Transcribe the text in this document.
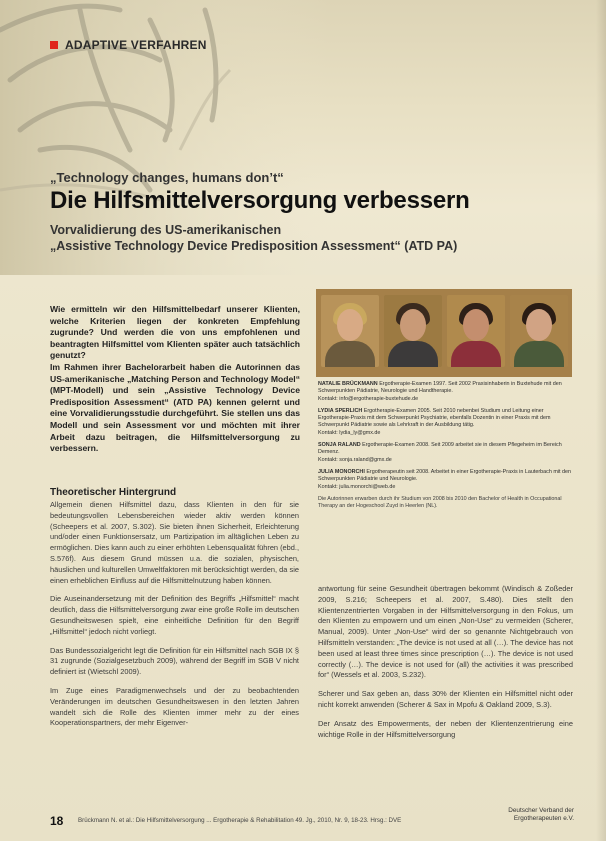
ADAPTIVE VERFAHREN
„Technology changes, humans don’t“
Die Hilfsmittelversorgung verbessern
Vorvalidierung des US-amerikanischen
„Assistive Technology Device Predisposition Assessment“ (ATD PA)

Wie ermitteln wir den Hilfsmittelbedarf unserer Klienten, welche Kriterien liegen der konkreten Empfehlung zugrunde? Und werden die von uns empfohlenen und beantragten Hilfsmittel vom Klienten später auch tatsächlich genutzt?

Im Rahmen ihrer Bachelorarbeit haben die Autorinnen das US-amerikanische „Matching Person and Technology Model“ (MPT-Modell) und sein „Assistive Technology Device Predisposition Assessment“ (ATD PA) kennen gelernt und eine Vorvalidierungsstudie durchgeführt. Sie stellen uns das Modell und sein Assessment vor und möchten mit ihrer Arbeit dazu beitragen, die Hilfsmittelversorgung zu verbessern.

NATALIE BRÜCKMANN Ergotherapie-Examen 1997. Seit 2002 Praxisinhaberin in Buxtehude mit den Schwerpunkten Pädiatrie, Neurologie und Handtherapie.
Kontakt: info@ergotherapie-buxtehude.de

LYDIA SPERLICH Ergotherapie-Examen 2005. Seit 2010 nebenbei Studium und Leitung einer Ergotherapie-Praxis mit dem Schwerpunkt Psychiatrie, ebenfalls Dozentin in einer Praxis mit dem Schwerpunkt Pädiatrie sowie als Lehrkraft in der Ausbildung tätig.
Kontakt: lydia_ly@gmx.de

SONJA RALAND Ergotherapie-Examen 2008. Seit 2009 arbeitet sie in diesem Pflegeheim im Bereich Demenz.
Kontakt: sonja.raland@gmx.de

JULIA MONORCHI Ergotherapeutin seit 2008. Arbeitet in einer Ergotherapie-Praxis in Lauterbach mit den Schwerpunkten Pädiatrie und Neurologie.
Kontakt: julia.monorchi@web.de

Die Autorinnen erwarben durch ihr Studium von 2008 bis 2010 den Bachelor of Health in Occupational Therapy an der Hogeschool Zuyd in Heerlen (NL).

Theoretischer Hintergrund

Allgemein dienen Hilfsmittel dazu, dass Klienten in den für sie bedeutungsvollen Lebensbereichen wieder aktiv werden können (Scheepers et al. 2007, S.302). Sie bieten ihnen Sicherheit, Erleichterung und/oder einen Funktionsersatz, um Partizipation im alltäglichen Leben zu ermöglichen. Dies kann auch zu einer erhöhten Lebensqualität führen (ebd., S.576f). Aus diesem Grund müssen u.a. die sozialen, physischen, häuslichen und kulturellen Umweltfaktoren mit berücksichtigt werden, da sie einen erheblichen Einfluss auf die Hilfsmittelnutzung haben können.

Die Auseinandersetzung mit der Definition des Begriffs „Hilfsmittel“ macht deutlich, dass die Hilfsmittelversorgung zwar eine große Rolle im deutschen Gesundheitswesen spielt, eine einheitliche Definition für den Begriff „Hilfsmittel“ jedoch nicht vorliegt.

Das Bundessozialgericht legt die Definition für ein Hilfsmittel nach SGB IX § 31 zugrunde (Sozialgesetzbuch 2009), während der Begriff im SGB V nicht definiert ist (Wietschl 2009).

Im Zuge eines Paradigmenwechsels und der zu beobachtenden Veränderungen im deutschen Gesundheitswesen in den letzten Jahren wandelt sich die Rolle des Klienten immer mehr zu der eines Kooperationspartners, der mehr Eigenver-

antwortung für seine Gesundheit übertragen bekommt (Windisch & Zoßeder 2009, S.216; Scheepers et al. 2007, S.480). Dies stellt den Klientenzentrierten Vorgaben in der Hilfsmittelversorgung in den Fokus, um den Klienten zu empowern und um einen „Non-Use“ zu vermeiden (Scherer, Manual, 2009). Unter „Non-Use“ wird der so genannte Nichtgebrauch von Hilfsmitteln verstanden: „The device is not used at all (…). The device has not been used at least three times since prescription (…). The device is not used correctly (…). The device is not used for (all) the activities it was prescribed for“ (Wessels et al. 2003, S.232).

Scherer und Sax geben an, dass 30% der Klienten ein Hilfsmittel nicht oder nicht korrekt anwenden (Scherer & Sax in Mpofu & Oakland 2009, S.3).

Der Ansatz des Empowerments, der neben der Klientenzentrierung eine wichtige Rolle in der Hilfsmittelversorgung

18 Brückmann N. et al.: Die Hilfsmittelversorgung ... Ergotherapie & Rehabilitation 49. Jg., 2010, Nr. 9, 18-23. Hrsg.: DVE
Deutscher Verband der
Ergotherapeuten e.V.
